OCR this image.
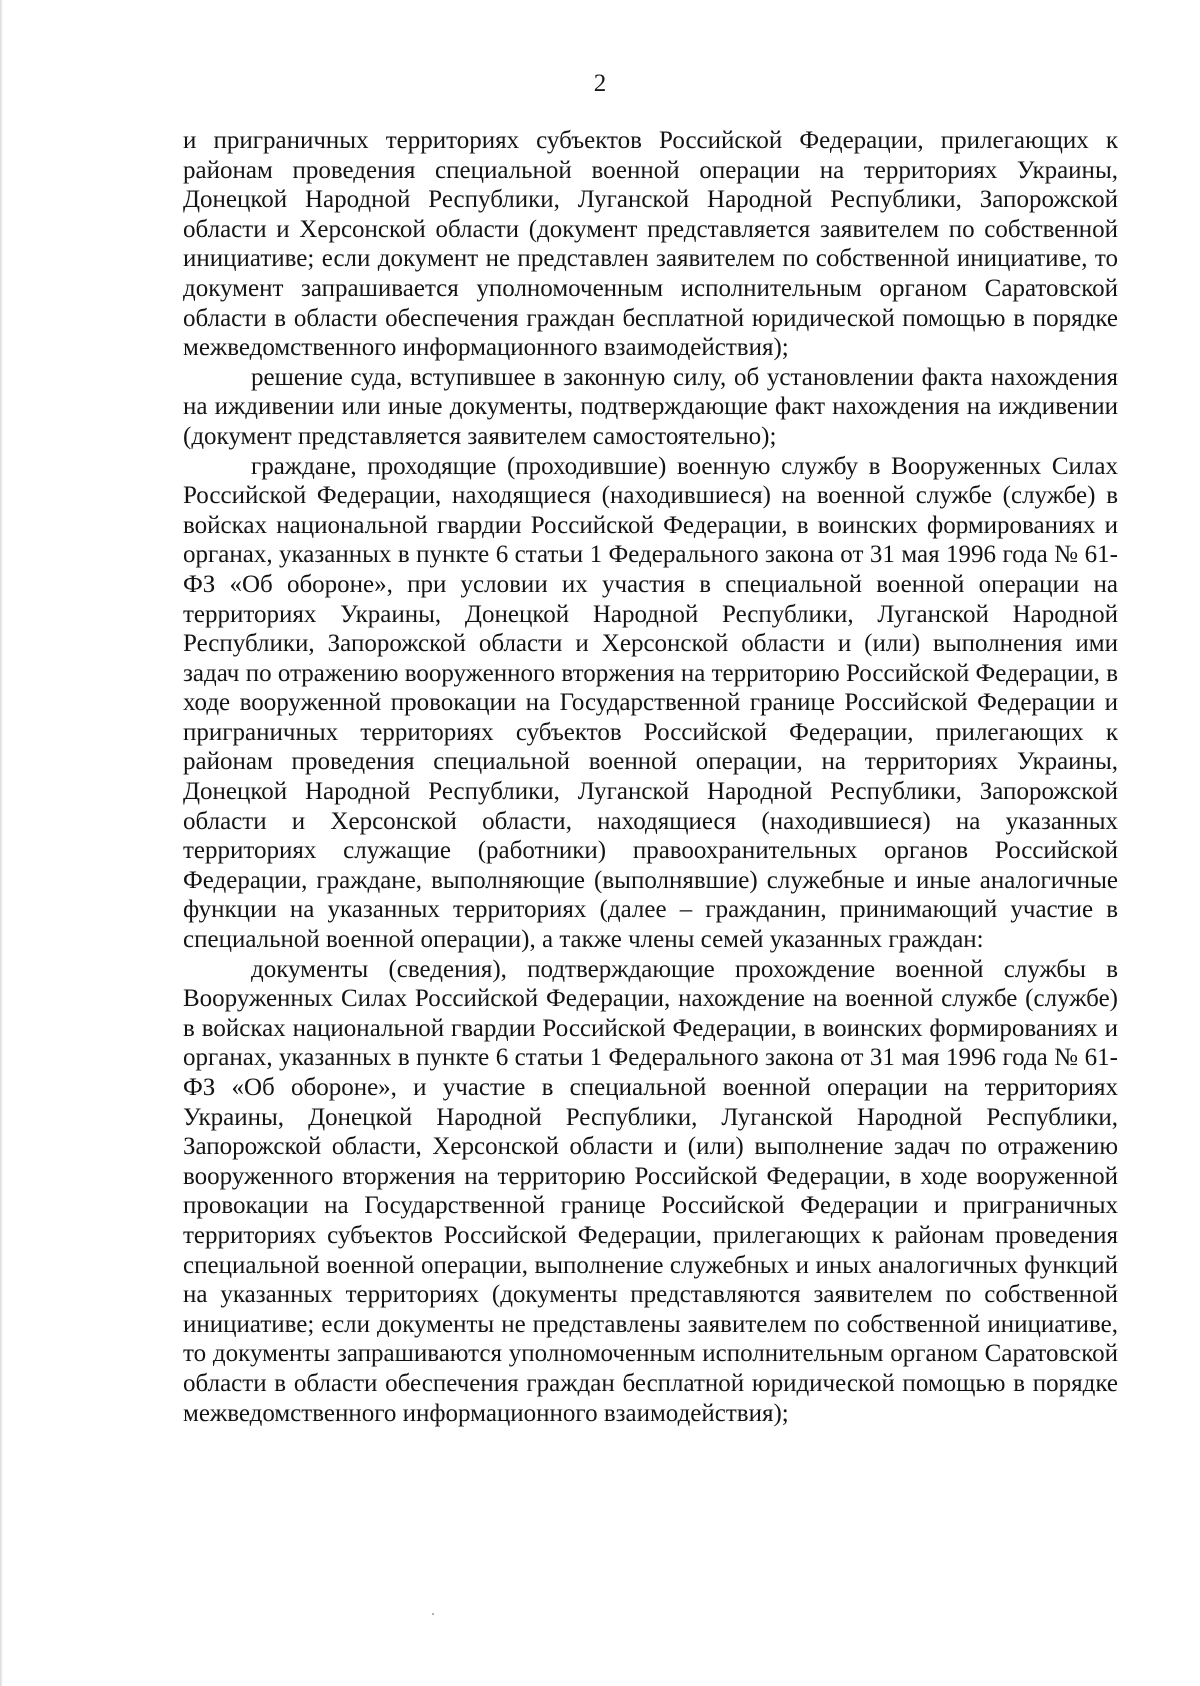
2

и приграничных территориях субъектов Российской Федерации, прилегающих к районам проведения специальной военной операции на территориях Украины, Донецкой Народной Республики, Луганской Народной Республики, Запорожской области и Херсонской области (документ представляется заявителем по собственной инициативе; если документ не представлен заявителем по собственной инициативе, то документ запрашивается уполномоченным исполнительным органом Саратовской области в области обеспечения граждан бесплатной юридической помощью в порядке межведомственного информационного взаимодействия);

решение суда, вступившее в законную силу, об установлении факта нахождения на иждивении или иные документы, подтверждающие факт нахождения на иждивении (документ представляется заявителем самостоятельно);

граждане, проходящие (проходившие) военную службу в Вооруженных Силах Российской Федерации, находящиеся (находившиеся) на военной службе (службе) в войсках национальной гвардии Российской Федерации, в воинских формированиях и органах, указанных в пункте 6 статьи 1 Федерального закона от 31 мая 1996 года № 61-ФЗ «Об обороне», при условии их участия в специальной военной операции на территориях Украины, Донецкой Народной Республики, Луганской Народной Республики, Запорожской области и Херсонской области и (или) выполнения ими задач по отражению вооруженного вторжения на территорию Российской Федерации, в ходе вооруженной провокации на Государственной границе Российской Федерации и приграничных территориях субъектов Российской Федерации, прилегающих к районам проведения специальной военной операции, на территориях Украины, Донецкой Народной Республики, Луганской Народной Республики, Запорожской области и Херсонской области, находящиеся (находившиеся) на указанных территориях служащие (работники) правоохранительных органов Российской Федерации, граждане, выполняющие (выполнявшие) служебные и иные аналогичные функции на указанных территориях (далее – гражданин, принимающий участие в специальной военной операции), а также члены семей указанных граждан:

документы (сведения), подтверждающие прохождение военной службы в Вооруженных Силах Российской Федерации, нахождение на военной службе (службе) в войсках национальной гвардии Российской Федерации, в воинских формированиях и органах, указанных в пункте 6 статьи 1 Федерального закона от 31 мая 1996 года № 61-ФЗ «Об обороне», и участие в специальной военной операции на территориях Украины, Донецкой Народной Республики, Луганской Народной Республики, Запорожской области, Херсонской области и (или) выполнение задач по отражению вооруженного вторжения на территорию Российской Федерации, в ходе вооруженной провокации на Государственной границе Российской Федерации и приграничных территориях субъектов Российской Федерации, прилегающих к районам проведения специальной военной операции, выполнение служебных и иных аналогичных функций на указанных территориях (документы представляются заявителем по собственной инициативе; если документы не представлены заявителем по собственной инициативе, то документы запрашиваются уполномоченным исполнительным органом Саратовской области в области обеспечения граждан бесплатной юридической помощью в порядке межведомственного информационного взаимодействия);
